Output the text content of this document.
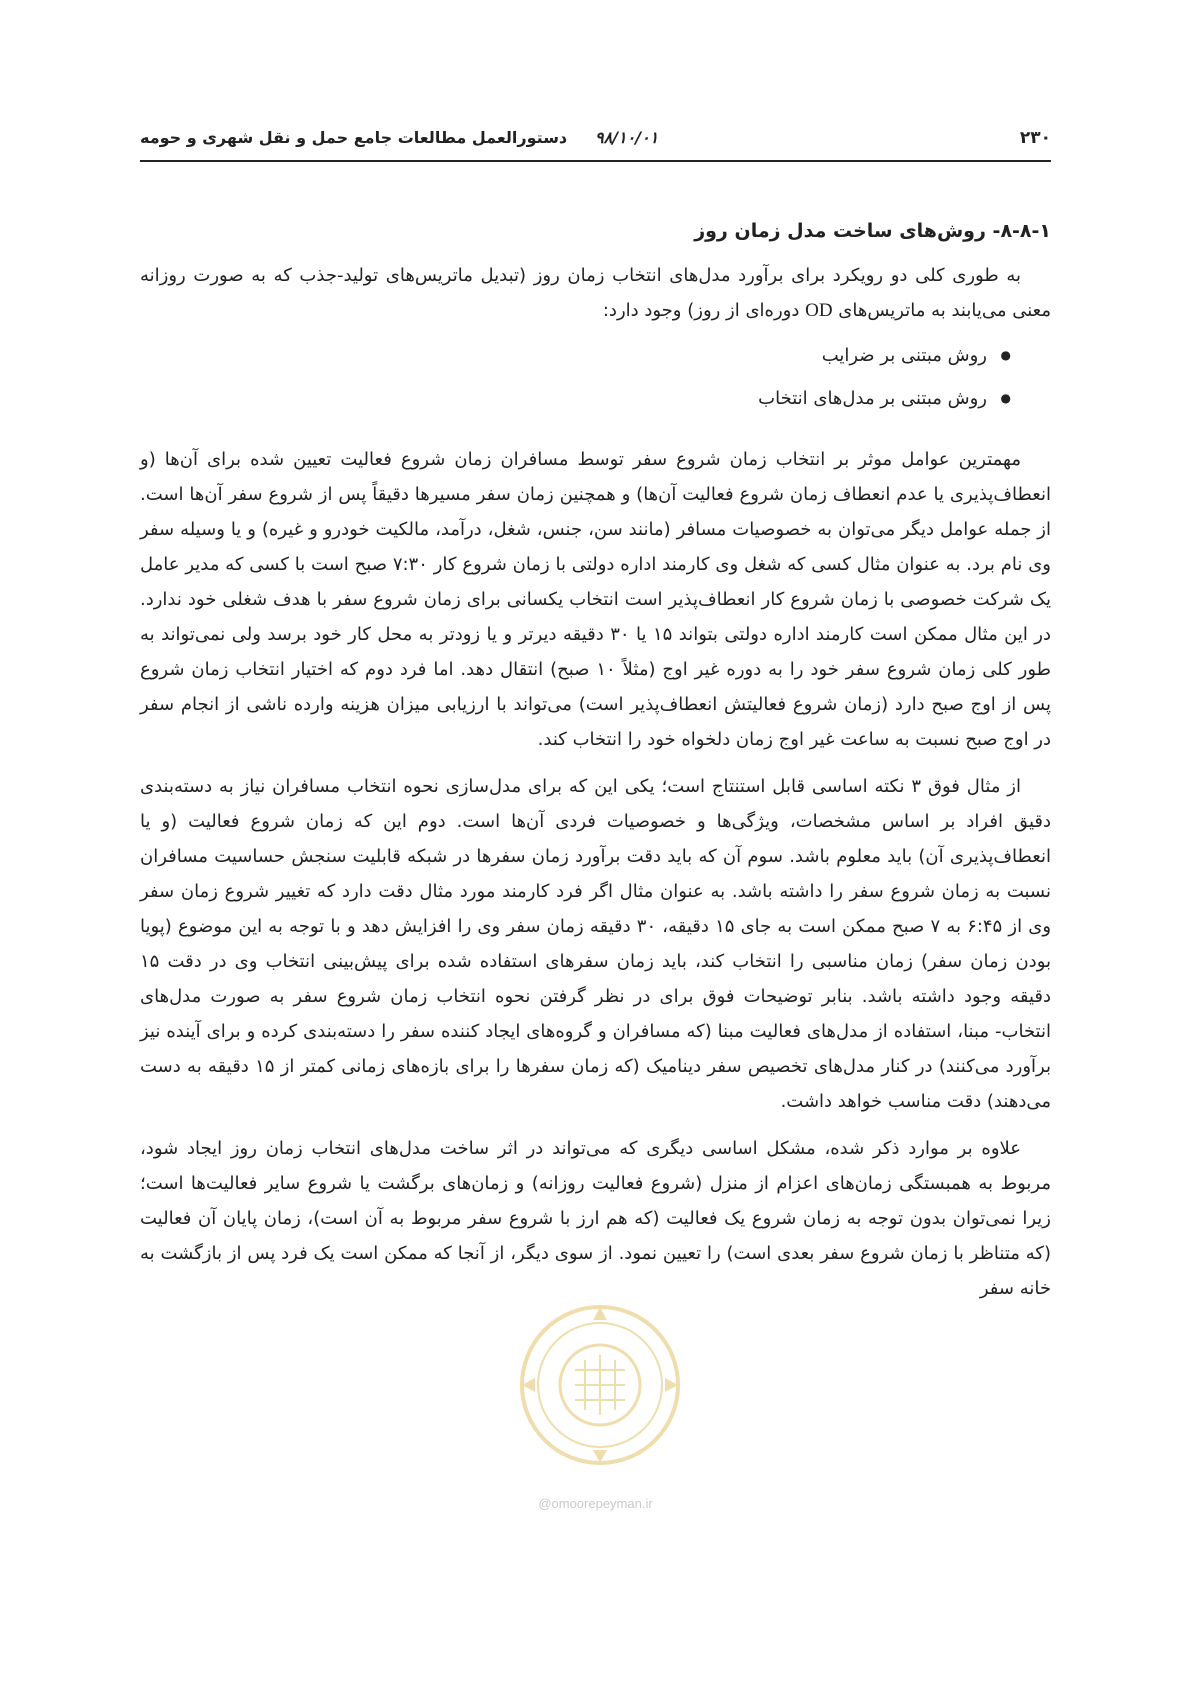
۲۳۰
۹۸/۱۰/۰۱
دستورالعمل مطالعات جامع حمل و نقل شهری و حومه
۸-۸-۱- روش‌های ساخت مدل زمان روز

به طوری کلی دو رویکرد برای برآورد مدل‌های انتخاب زمان روز (تبدیل ماتریس‌های تولید-جذب که به صورت روزانه معنی می‌یابند به ماتریس‌های OD دوره‌ای از روز) وجود دارد:

● روش مبتنی بر ضرایب
● روش مبتنی بر مدل‌های انتخاب

مهمترین عوامل موثر بر انتخاب زمان شروع سفر توسط مسافران زمان شروع فعالیت تعیین شده برای آن‌ها (و انعطاف‌پذیری یا عدم انعطاف زمان شروع فعالیت آن‌ها) و همچنین زمان سفر مسیرها دقیقاً پس از شروع سفر آن‌ها است. از جمله عوامل دیگر می‌توان به خصوصیات مسافر (مانند سن، جنس، شغل، درآمد، مالکیت خودرو و غیره) و یا وسیله سفر وی نام برد. به عنوان مثال کسی که شغل وی کارمند اداره دولتی با زمان شروع کار ۷:۳۰ صبح است با کسی که مدیر عامل یک شرکت خصوصی با زمان شروع کار انعطاف‌پذیر است انتخاب یکسانی برای زمان شروع سفر با هدف شغلی خود ندارد. در این مثال ممکن است کارمند اداره دولتی بتواند ۱۵ یا ۳۰ دقیقه دیرتر و یا زودتر به محل کار خود برسد ولی نمی‌تواند به طور کلی زمان شروع سفر خود را به دوره غیر اوج (مثلاً ۱۰ صبح) انتقال دهد. اما فرد دوم که اختیار انتخاب زمان شروع پس از اوج صبح دارد (زمان شروع فعالیتش انعطاف‌پذیر است) می‌تواند با ارزیابی میزان هزینه وارده ناشی از انجام سفر در اوج صبح نسبت به ساعت غیر اوج زمان دلخواه خود را انتخاب کند.

از مثال فوق ۳ نکته اساسی قابل استنتاج است؛ یکی این که برای مدل‌سازی نحوه انتخاب مسافران نیاز به دسته‌بندی دقیق افراد بر اساس مشخصات، ویژگی‌ها و خصوصیات فردی آن‌ها است. دوم این که زمان شروع فعالیت (و یا انعطاف‌پذیری آن) باید معلوم باشد. سوم آن که باید دقت برآورد زمان سفرها در شبکه قابلیت سنجش حساسیت مسافران نسبت به زمان شروع سفر را داشته باشد. به عنوان مثال اگر فرد کارمند مورد مثال دقت دارد که تغییر شروع زمان سفر وی از ۶:۴۵ به ۷ صبح ممکن است به جای ۱۵ دقیقه، ۳۰ دقیقه زمان سفر وی را افزایش دهد و با توجه به این موضوع (پویا بودن زمان سفر) زمان مناسبی را انتخاب کند، باید زمان سفرهای استفاده شده برای پیش‌بینی انتخاب وی در دقت ۱۵ دقیقه وجود داشته باشد. بنابر توضیحات فوق برای در نظر گرفتن نحوه انتخاب زمان شروع سفر به صورت مدل‌های انتخاب- مبنا، استفاده از مدل‌های فعالیت مبنا (که مسافران و گروه‌های ایجاد کننده سفر را دسته‌بندی کرده و برای آینده نیز برآورد می‌کنند) در کنار مدل‌های تخصیص سفر دینامیک (که زمان سفرها را برای بازه‌های زمانی کمتر از ۱۵ دقیقه به دست می‌دهند) دقت مناسب خواهد داشت.

علاوه بر موارد ذکر شده، مشکل اساسی دیگری که می‌تواند در اثر ساخت مدل‌های انتخاب زمان روز ایجاد شود، مربوط به همبستگی زمان‌های اعزام از منزل (شروع فعالیت روزانه) و زمان‌های برگشت یا شروع سایر فعالیت‌ها است؛ زیرا نمی‌توان بدون توجه به زمان شروع یک فعالیت (که هم ارز با شروع سفر مربوط به آن است)، زمان پایان آن فعالیت (که متناظر با زمان شروع سفر بعدی است) را تعیین نمود. از سوی دیگر، از آنجا که ممکن است یک فرد پس از بازگشت به خانه سفر

@omoorepeyman.ir
